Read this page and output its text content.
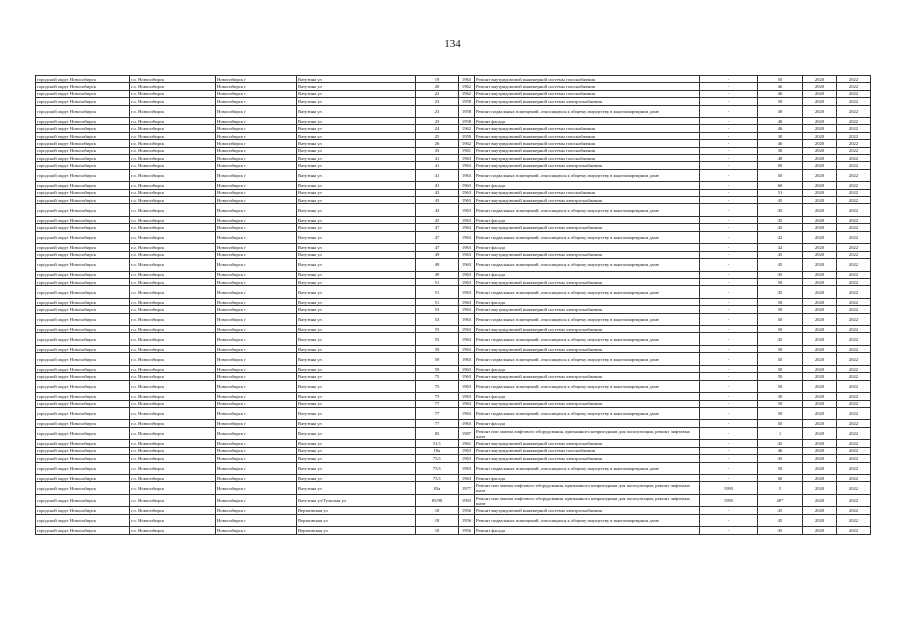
134
городской округ Новосибирск	г.о. Новосибирск	Новосибирск г	Ватутина ул	19	1963	Ремонт внутридомовой инженерной системы газоснабжения	-	50	2020	2022
городской округ Новосибирск	г.о. Новосибирск	Новосибирск г	Ватутина ул	20	1962	Ремонт внутридомовой инженерной системы газоснабжения	-	46	2020	2022
городской округ Новосибирск	г.о. Новосибирск	Новосибирск г	Ватутина ул	22	1962	Ремонт внутридомовой инженерной системы газоснабжения	-	46	2020	2022
городской округ Новосибирск	г.о. Новосибирск	Новосибирск г	Ватутина ул	23	1958	Ремонт внутридомовой инженерной системы электроснабжения	-	50	2020	2022
городской округ Новосибирск	г.о. Новосибирск	Новосибирск г	Ватутина ул	23	1958	Ремонт подвальных помещений, относящихся к общему имуществу в многоквартирном доме	-	49	2020	2022
городской округ Новосибирск	г.о. Новосибирск	Новосибирск г	Ватутина ул	23	1958	Ремонт фасада	-	40	2020	2022
городской округ Новосибирск	г.о. Новосибирск	Новосибирск г	Ватутина ул	24	1962	Ремонт внутридомовой инженерной системы газоснабжения	-	46	2020	2022
городской округ Новосибирск	г.о. Новосибирск	Новосибирск г	Ватутина ул	25	1958	Ремонт внутридомовой инженерной системы газоснабжения	-	30	2020	2022
городской округ Новосибирск	г.о. Новосибирск	Новосибирск г	Ватутина ул	26	1962	Ремонт внутридомовой инженерной системы газоснабжения	-	46	2020	2022
городской округ Новосибирск	г.о. Новосибирск	Новосибирск г	Ватутина ул	33	1961	Ремонт внутридомовой инженерной системы газоснабжения	-	30	2020	2022
городской округ Новосибирск	г.о. Новосибирск	Новосибирск г	Ватутина ул	41	1963	Ремонт внутридомовой инженерной системы газоснабжения	-	48	2020	2022
городской округ Новосибирск	г.о. Новосибирск	Новосибирск г	Ватутина ул	41	1963	Ремонт внутридомовой инженерной системы электроснабжения	-	60	2020	2022
городской округ Новосибирск	г.о. Новосибирск	Новосибирск г	Ватутина ул	41	1963	Ремонт подвальных помещений, относящихся к общему имуществу в многоквартирном доме	-	50	2020	2022
городской округ Новосибирск	г.о. Новосибирск	Новосибирск г	Ватутина ул	41	1963	Ремонт фасада	-	60	2020	2022
городской округ Новосибирск	г.о. Новосибирск	Новосибирск г	Ватутина ул	43	1963	Ремонт внутридомовой инженерной системы газоснабжения	-	51	2020	2022
городской округ Новосибирск	г.о. Новосибирск	Новосибирск г	Ватутина ул	43	1963	Ремонт внутридомовой инженерной системы электроснабжения	-	45	2020	2022
городской округ Новосибирск	г.о. Новосибирск	Новосибирск г	Ватутина ул	43	1963	Ремонт подвальных помещений, относящихся к общему имуществу в многоквартирном доме	-	45	2020	2022
городской округ Новосибирск	г.о. Новосибирск	Новосибирск г	Ватутина ул	45	1963	Ремонт фасада	-	45	2020	2022
городской округ Новосибирск	г.о. Новосибирск	Новосибирск г	Ватутина ул	47	1963	Ремонт внутридомовой инженерной системы электроснабжения	-	45	2020	2022
городской округ Новосибирск	г.о. Новосибирск	Новосибирск г	Ватутина ул	47	1963	Ремонт подвальных помещений, относящихся к общему имуществу в многоквартирном доме	-	42	2020	2022
городской округ Новосибирск	г.о. Новосибирск	Новосибирск г	Ватутина ул	47	1963	Ремонт фасада	-	42	2020	2022
городской округ Новосибирск	г.о. Новосибирск	Новосибирск г	Ватутина ул	49	1963	Ремонт внутридомовой инженерной системы электроснабжения	-	45	2020	2022
городской округ Новосибирск	г.о. Новосибирск	Новосибирск г	Ватутина ул	49	1963	Ремонт подвальных помещений, относящихся к общему имуществу в многоквартирном доме	-	45	2020	2022
городской округ Новосибирск	г.о. Новосибирск	Новосибирск г	Ватутина ул	49	1963	Ремонт фасада	-	45	2020	2022
городской округ Новосибирск	г.о. Новосибирск	Новосибирск г	Ватутина ул	51	1963	Ремонт внутридомовой инженерной системы электроснабжения	-	50	2020	2022
городской округ Новосибирск	г.о. Новосибирск	Новосибирск г	Ватутина ул	51	1963	Ремонт подвальных помещений, относящихся к общему имуществу в многоквартирном доме	-	45	2020	2022
городской округ Новосибирск	г.о. Новосибирск	Новосибирск г	Ватутина ул	51	1963	Ремонт фасада	-	50	2020	2022
городской округ Новосибирск	г.о. Новосибирск	Новосибирск г	Ватутина ул	53	1963	Ремонт внутридомовой инженерной системы электроснабжения	-	50	2020	2022
городской округ Новосибирск	г.о. Новосибирск	Новосибирск г	Ватутина ул	53	1963	Ремонт подвальных помещений, относящихся к общему имуществу в многоквартирном доме	-	50	2020	2022
городской округ Новосибирск	г.о. Новосибирск	Новосибирск г	Ватутина ул	55	1963	Ремонт внутридомовой инженерной системы электроснабжения	-	50	2020	2022
городской округ Новосибирск	г.о. Новосибирск	Новосибирск г	Ватутина ул	55	1963	Ремонт подвальных помещений, относящихся к общему имуществу в многоквартирном доме	-	45	2020	2022
городской округ Новосибирск	г.о. Новосибирск	Новосибирск г	Ватутина ул	59	1963	Ремонт внутридомовой инженерной системы электроснабжения	-	50	2020	2022
городской округ Новосибирск	г.о. Новосибирск	Новосибирск г	Ватутина ул	59	1963	Ремонт подвальных помещений, относящихся к общему имуществу в многоквартирном доме	-	50	2020	2022
городской округ Новосибирск	г.о. Новосибирск	Новосибирск г	Ватутина ул	59	1963	Ремонт фасада	-	50	2020	2022
городской округ Новосибирск	г.о. Новосибирск	Новосибирск г	Ватутина ул	75	1963	Ремонт внутридомовой инженерной системы электроснабжения	-	50	2020	2022
городской округ Новосибирск	г.о. Новосибирск	Новосибирск г	Ватутина ул	75	1963	Ремонт подвальных помещений, относящихся к общему имуществу в многоквартирном доме	-	50	2020	2022
городской округ Новосибирск	г.о. Новосибирск	Новосибирск г	Ватутина ул	75	1963	Ремонт фасада	-	30	2020	2022
городской округ Новосибирск	г.о. Новосибирск	Новосибирск г	Ватутина ул	77	1963	Ремонт внутридомовой инженерной системы электроснабжения	-	50	2020	2022
городской округ Новосибирск	г.о. Новосибирск	Новосибирск г	Ватутина ул	77	1963	Ремонт подвальных помещений, относящихся к общему имуществу в многоквартирном доме	-	50	2020	2022
городской округ Новосибирск	г.о. Новосибирск	Новосибирск г	Ватутина ул	77	1963	Ремонт фасада	-	50	2020	2022
городской округ Новосибирск	г.о. Новосибирск	Новосибирск г	Ватутина ул	83	1987	Ремонт или замена лифтового оборудования, признанного непригодным для эксплуатации, ремонт лифтовых шахт	-	1	2020	2022
городской округ Новосибирск	г.о. Новосибирск	Новосибирск г	Ватутина ул	51/1	1961	Ремонт внутридомовой инженерной системы электроснабжения	-	45	2020	2022
городской округ Новосибирск	г.о. Новосибирск	Новосибирск г	Ватутина ул	18а	1963	Ремонт внутридомовой инженерной системы газоснабжения	-	46	2020	2022
городской округ Новосибирск	г.о. Новосибирск	Новосибирск г	Ватутина ул	75/1	1963	Ремонт внутридомовой инженерной системы электроснабжения	-	45	2020	2022
городской округ Новосибирск	г.о. Новосибирск	Новосибирск г	Ватутина ул	75/1	1963	Ремонт подвальных помещений, относящихся к общему имуществу в многоквартирном доме	-	50	2020	2022
городской округ Новосибирск	г.о. Новосибирск	Новосибирск г	Ватутина ул	75/1	1963	Ремонт фасада	-	60	2020	2022
городской округ Новосибирск	г.о. Новосибирск	Новосибирск г	Ватутина ул	83а	1977	Ремонт или замена лифтового оборудования, признанного непригодным для эксплуатации, ремонт лифтовых шахт	1995	5	2020	2022
городской округ Новосибирск	г.о. Новосибирск	Новосибирск г	Ватутина ул/Тульская ул	85/90	1993	Ремонт или замена лифтового оборудования, признанного непригодным для эксплуатации, ремонт лифтовых шахт	1995	40*	2020	2022
городской округ Новосибирск	г.о. Новосибирск	Новосибирск г	Вертковская ул	18	1956	Ремонт внутридомовой инженерной системы электроснабжения	-	45	2020	2022
городской округ Новосибирск	г.о. Новосибирск	Новосибирск г	Вертковская ул	18	1956	Ремонт подвальных помещений, относящихся к общему имуществу в многоквартирном доме	-	45	2020	2022
городской округ Новосибирск	г.о. Новосибирск	Новосибирск г	Вертковская ул	18	1956	Ремонт фасада	-	45	2020	2022
